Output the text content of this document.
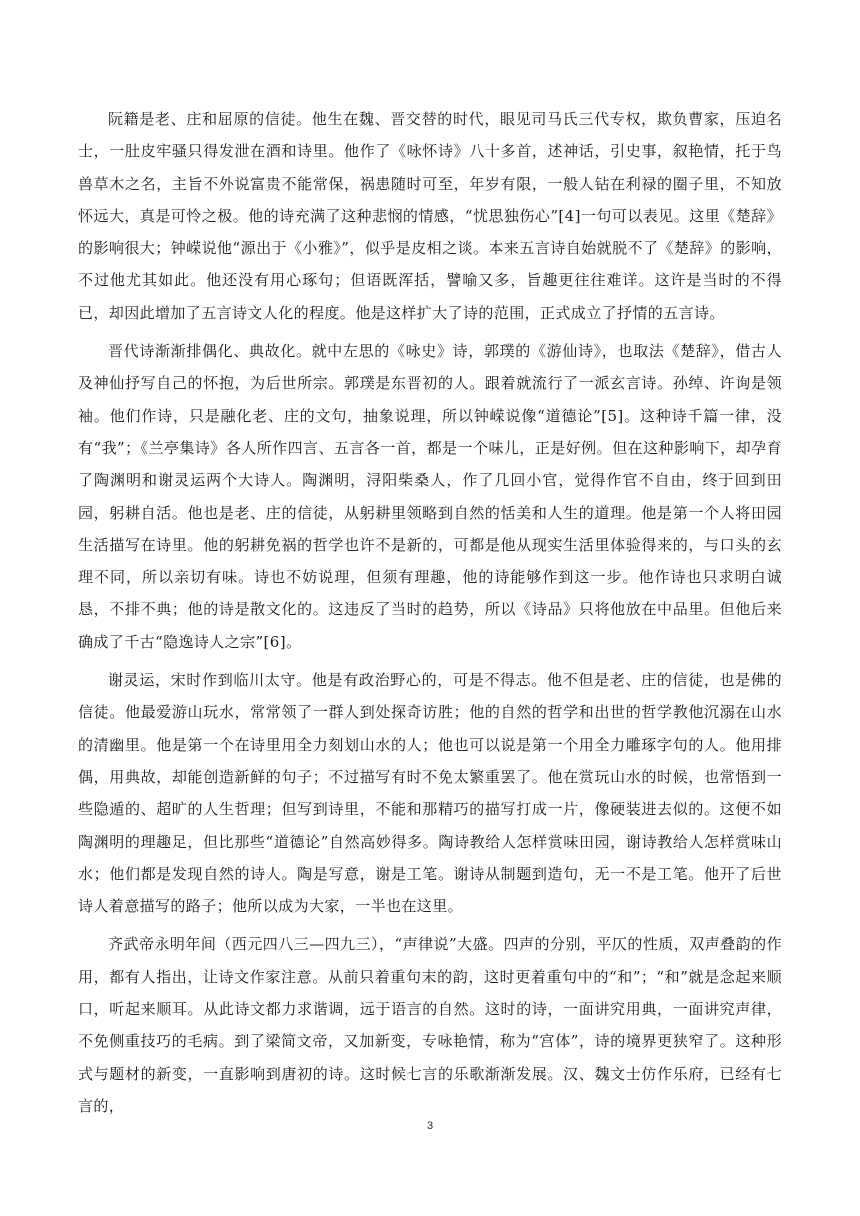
阮籍是老、庄和屈原的信徒。他生在魏、晋交替的时代，眼见司马氏三代专权，欺负曹家，压迫名士，一肚皮牢骚只得发泄在酒和诗里。他作了《咏怀诗》八十多首，述神话，引史事，叙艳情，托于鸟兽草木之名，主旨不外说富贵不能常保，祸患随时可至，年岁有限，一般人钻在利禄的圈子里，不知放怀远大，真是可怜之极。他的诗充满了这种悲悯的情感，“忧思独伤心”[4]一句可以表见。这里《楚辞》的影响很大；钟嵘说他“源出于《小雅》”，似乎是皮相之谈。本来五言诗自始就脱不了《楚辞》的影响，不过他尤其如此。他还没有用心琢句；但语既浑括，譬喻又多，旨趣更往往难详。这许是当时的不得已，却因此增加了五言诗文人化的程度。他是这样扩大了诗的范围，正式成立了抒情的五言诗。

晋代诗渐渐排偶化、典故化。就中左思的《咏史》诗，郭璞的《游仙诗》，也取法《楚辞》，借古人及神仙抒写自己的怀抱，为后世所宗。郭璞是东晋初的人。跟着就流行了一派玄言诗。孙绰、许询是领袖。他们作诗，只是融化老、庄的文句，抽象说理，所以钟嵘说像“道德论”[5]。这种诗千篇一律，没有“我”；《兰亭集诗》各人所作四言、五言各一首，都是一个味儿，正是好例。但在这种影响下，却孕育了陶渊明和谢灵运两个大诗人。陶渊明，浔阳柴桑人，作了几回小官，觉得作官不自由，终于回到田园，躬耕自活。他也是老、庄的信徒，从躬耕里领略到自然的恬美和人生的道理。他是第一个人将田园生活描写在诗里。他的躬耕免祸的哲学也许不是新的，可都是他从现实生活里体验得来的，与口头的玄理不同，所以亲切有味。诗也不妨说理，但须有理趣，他的诗能够作到这一步。他作诗也只求明白诚恳，不排不典；他的诗是散文化的。这违反了当时的趋势，所以《诗品》只将他放在中品里。但他后来确成了千古“隐逸诗人之宗”[6]。

谢灵运，宋时作到临川太守。他是有政治野心的，可是不得志。他不但是老、庄的信徒，也是佛的信徒。他最爱游山玩水，常常领了一群人到处探奇访胜；他的自然的哲学和出世的哲学教他沉溺在山水的清幽里。他是第一个在诗里用全力刻划山水的人；他也可以说是第一个用全力雕琢字句的人。他用排偶，用典故，却能创造新鲜的句子；不过描写有时不免太繁重罢了。他在赏玩山水的时候，也常悟到一些隐遁的、超旷的人生哲理；但写到诗里，不能和那精巧的描写打成一片，像硬装进去似的。这便不如陶渊明的理趣足，但比那些“道德论”自然高妙得多。陶诗教给人怎样赏味田园，谢诗教给人怎样赏味山水；他们都是发现自然的诗人。陶是写意，谢是工笔。谢诗从制题到造句，无一不是工笔。他开了后世诗人着意描写的路子；他所以成为大家，一半也在这里。

齐武帝永明年间（西元四八三—四九三），“声律说”大盛。四声的分别，平仄的性质，双声叠韵的作用，都有人指出，让诗文作家注意。从前只着重句末的韵，这时更着重句中的“和”；“和”就是念起来顺口，听起来顺耳。从此诗文都力求谐调，远于语言的自然。这时的诗，一面讲究用典，一面讲究声律，不免侧重技巧的毛病。到了梁简文帝，又加新变，专咏艳情，称为“宫体”，诗的境界更狭窄了。这种形式与题材的新变，一直影响到唐初的诗。这时候七言的乐歌渐渐发展。汉、魏文士仿作乐府，已经有七言的，

3
